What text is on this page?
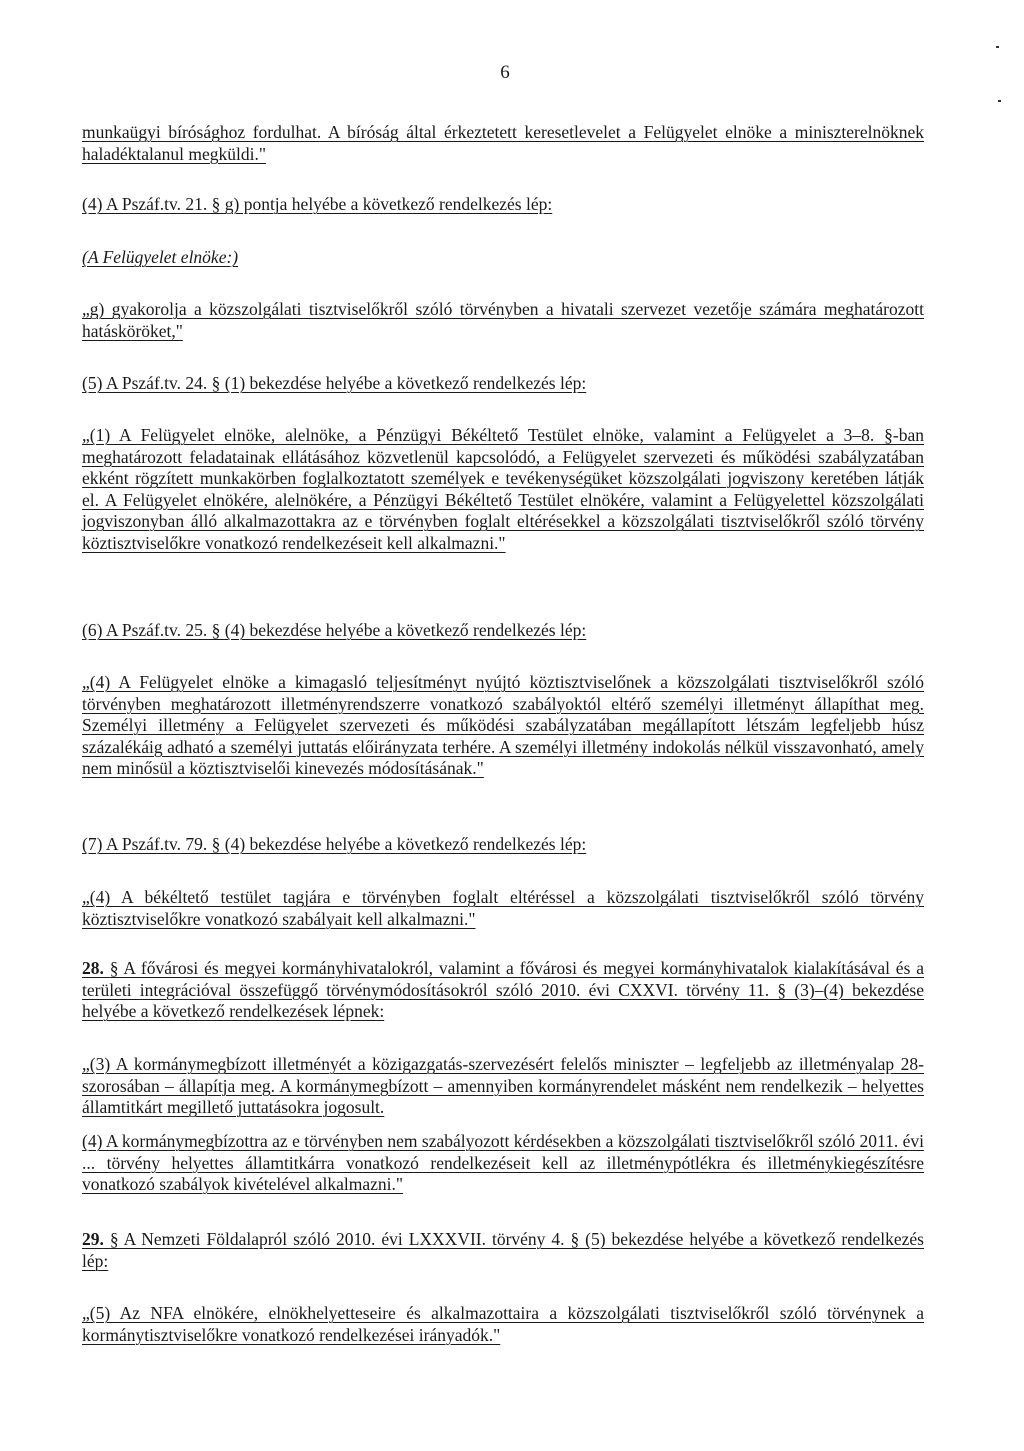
6

munkaügyi bírósághoz fordulhat. A bíróság által érkeztetett keresetlevelet a Felügyelet elnöke a miniszterelnöknek haladéktalanul megküldi."

(4) A Pszáf.tv. 21. § g) pontja helyébe a következő rendelkezés lép:

(A Felügyelet elnöke:)

„g) gyakorolja a közszolgálati tisztviselőkről szóló törvényben a hivatali szervezet vezetője számára meghatározott hatásköröket,"

(5) A Pszáf.tv. 24. § (1) bekezdése helyébe a következő rendelkezés lép:

„(1) A Felügyelet elnöke, alelnöke, a Pénzügyi Békéltető Testület elnöke, valamint a Felügyelet a 3–8. §-ban meghatározott feladatainak ellátásához közvetlenül kapcsolódó, a Felügyelet szervezeti és működési szabályzatában ekként rögzített munkakörben foglalkoztatott személyek e tevékenységüket közszolgálati jogviszony keretében látják el. A Felügyelet elnökére, alelnökére, a Pénzügyi Békéltető Testület elnökére, valamint a Felügyelettel közszolgálati jogviszonyban álló alkalmazottakra az e törvényben foglalt eltérésekkel a közszolgálati tisztviselőkről szóló törvény köztisztviselőkre vonatkozó rendelkezéseit kell alkalmazni."

(6) A Pszáf.tv. 25. § (4) bekezdése helyébe a következő rendelkezés lép:

„(4) A Felügyelet elnöke a kimagasló teljesítményt nyújtó köztisztviselőnek a közszolgálati tisztviselőkről szóló törvényben meghatározott illetményrendszerre vonatkozó szabályoktól eltérő személyi illetményt állapíthat meg. Személyi illetmény a Felügyelet szervezeti és működési szabályzatában megállapított létszám legfeljebb húsz százalékáig adható a személyi juttatás előirányzata terhére. A személyi illetmény indokolás nélkül visszavonható, amely nem minősül a köztisztviselői kinevezés módosításának."

(7) A Pszáf.tv. 79. § (4) bekezdése helyébe a következő rendelkezés lép:

„(4) A békéltető testület tagjára e törvényben foglalt eltéréssel a közszolgálati tisztviselőkről szóló törvény köztisztviselőkre vonatkozó szabályait kell alkalmazni."

28. § A fővárosi és megyei kormányhivatalokról, valamint a fővárosi és megyei kormányhivatalok kialakításával és a területi integrációval összefüggő törvénymódosításokról szóló 2010. évi CXXVI. törvény 11. § (3)–(4) bekezdése helyébe a következő rendelkezések lépnek:

„(3) A kormánymegbízott illetményét a közigazgatás-szervezésért felelős miniszter – legfeljebb az illetményalap 28-szorosában – állapítja meg. A kormánymegbízott – amennyiben kormányrendelet másként nem rendelkezik – helyettes államtitkárt megillető juttatásokra jogosult.

(4) A kormánymegbízottra az e törvényben nem szabályozott kérdésekben a közszolgálati tisztviselőkről szóló 2011. évi ... törvény helyettes államtitkárra vonatkozó rendelkezéseit kell az illetménypótlékra és illetménykiegészítésre vonatkozó szabályok kivételével alkalmazni."

29. § A Nemzeti Földalapról szóló 2010. évi LXXXVII. törvény 4. § (5) bekezdése helyébe a következő rendelkezés lép:

„(5) Az NFA elnökére, elnökhelyetteseire és alkalmazottaira a közszolgálati tisztviselőkről szóló törvénynek a kormánytisztviselőkre vonatkozó rendelkezései irányadók."
